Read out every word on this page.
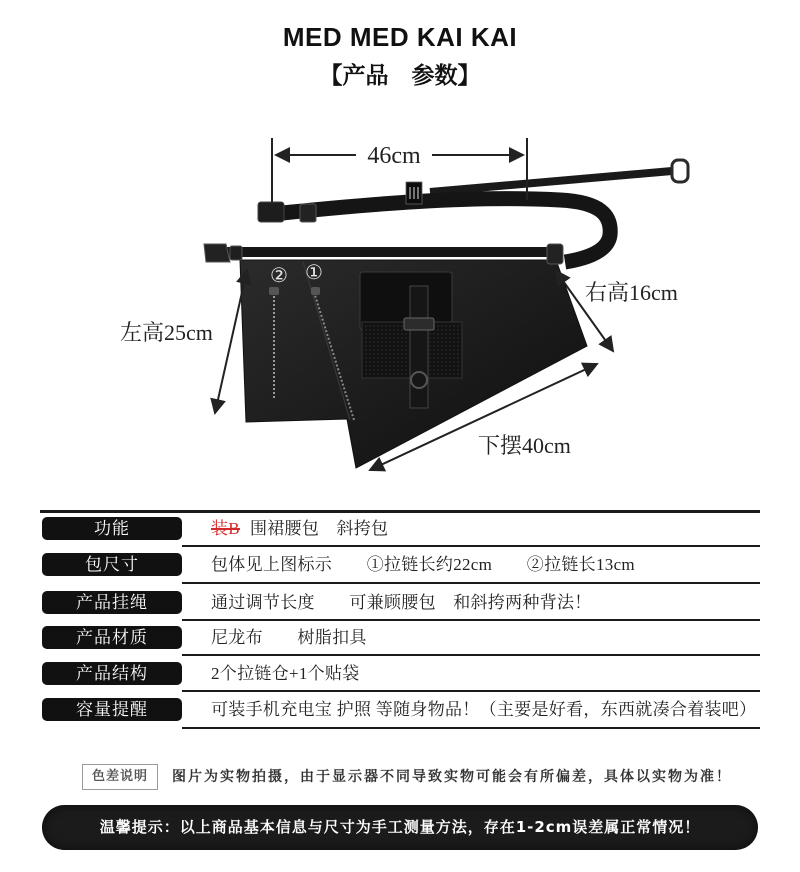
MED MED KAI KAI
【产品　参数】
② ①
46cm
左高25cm
右高16cm
下摆40cm
功能	装B 围裙腰包　斜挎包
包尺寸	包体见上图标示　　①拉链长约22cm　　②拉链长13cm
产品挂绳	通过调节长度　　可兼顾腰包　和斜挎两种背法！
产品材质	尼龙布　　树脂扣具
产品结构	2个拉链仓+1个贴袋
容量提醒	可装手机充电宝 护照 等随身物品！（主要是好看，东西就凑合着装吧）
色差说明	图片为实物拍摄，由于显示器不同导致实物可能会有所偏差，具体以实物为准！
温馨提示：以上商品基本信息与尺寸为手工测量方法，存在1-2cm误差属正常情况！
